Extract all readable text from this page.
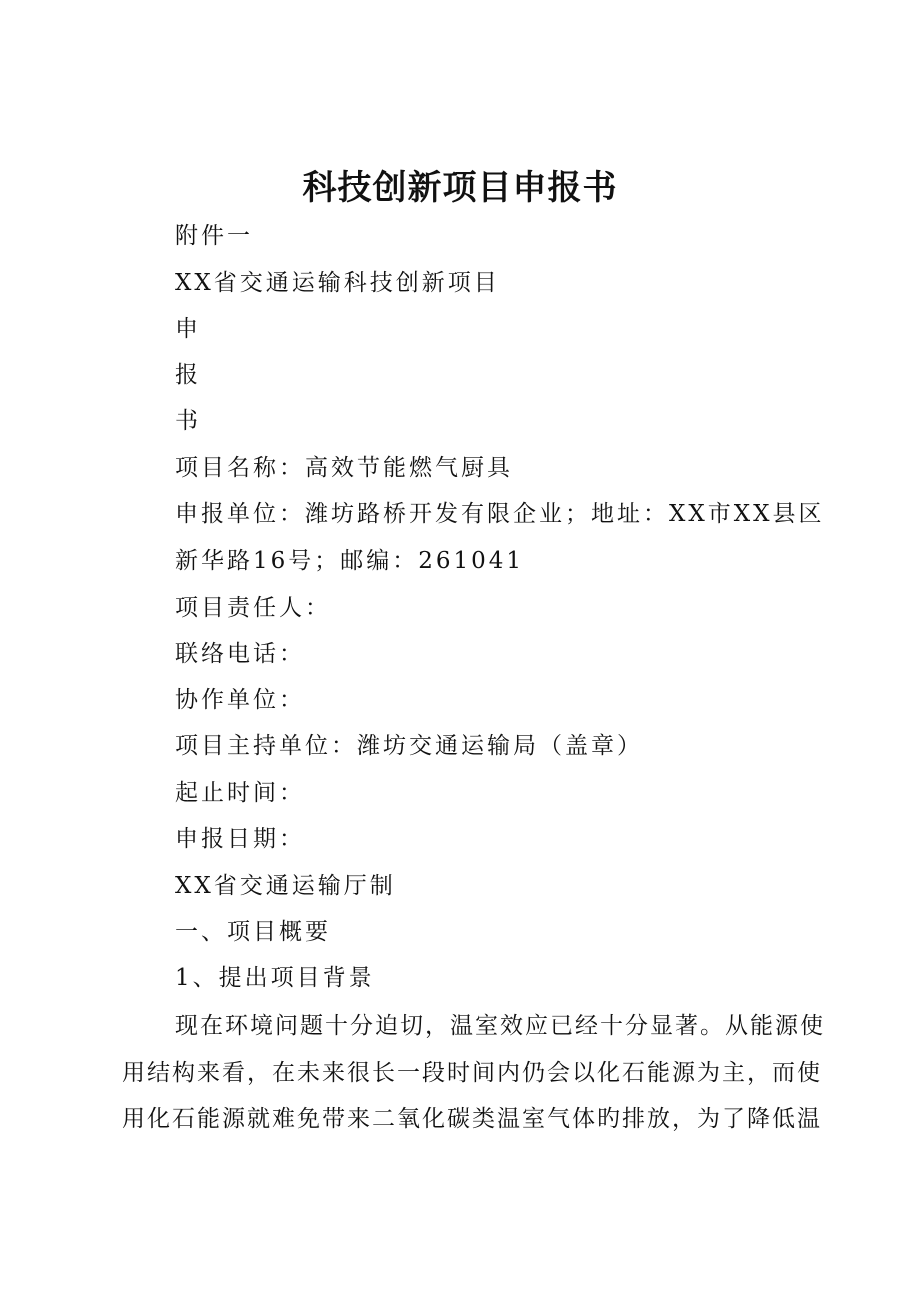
科技创新项目申报书

附件一

XX省交通运输科技创新项目

申

报

书

项目名称：高效节能燃气厨具

申报单位：潍坊路桥开发有限企业；地址：XX市XX县区

新华路16号；邮编：261041

项目责任人：

联络电话：

协作单位：

项目主持单位：潍坊交通运输局（盖章）

起止时间：

申报日期：

XX省交通运输厅制

一、项目概要

1、提出项目背景

现在环境问题十分迫切，温室效应已经十分显著。从能源使

用结构来看，在未来很长一段时间内仍会以化石能源为主，而使

用化石能源就难免带来二氧化碳类温室气体旳排放，为了降低温
